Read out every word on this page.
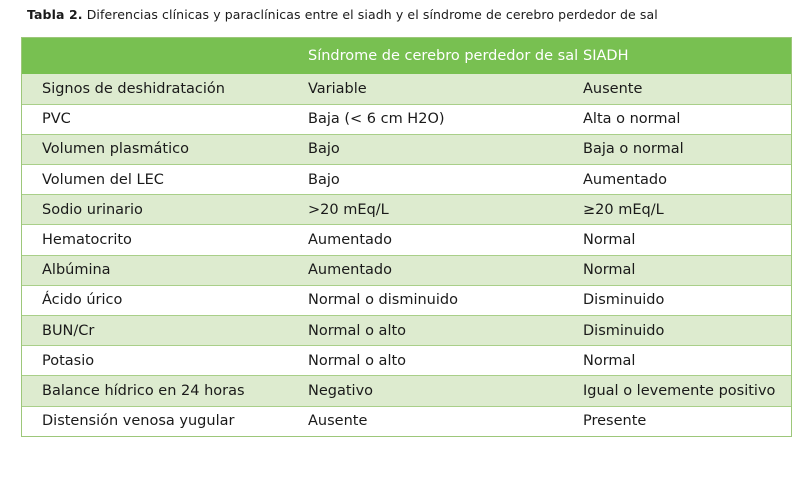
Tabla 2. Diferencias clínicas y paraclínicas entre el siadh y el síndrome de cerebro perdedor de sal
	Síndrome de cerebro perdedor de sal	SIADH
Signos de deshidratación	Variable	Ausente
PVC	Baja (< 6 cm H2O)	Alta o normal
Volumen plasmático	Bajo	Baja o normal
Volumen del LEC	Bajo	Aumentado
Sodio urinario	>20 mEq/L	≥20 mEq/L
Hematocrito	Aumentado	Normal
Albúmina	Aumentado	Normal
Ácido úrico	Normal o disminuido	Disminuido
BUN/Cr	Normal o alto	Disminuido
Potasio	Normal o alto	Normal
Balance hídrico en 24 horas	Negativo	Igual o levemente positivo
Distensión venosa yugular	Ausente	Presente
